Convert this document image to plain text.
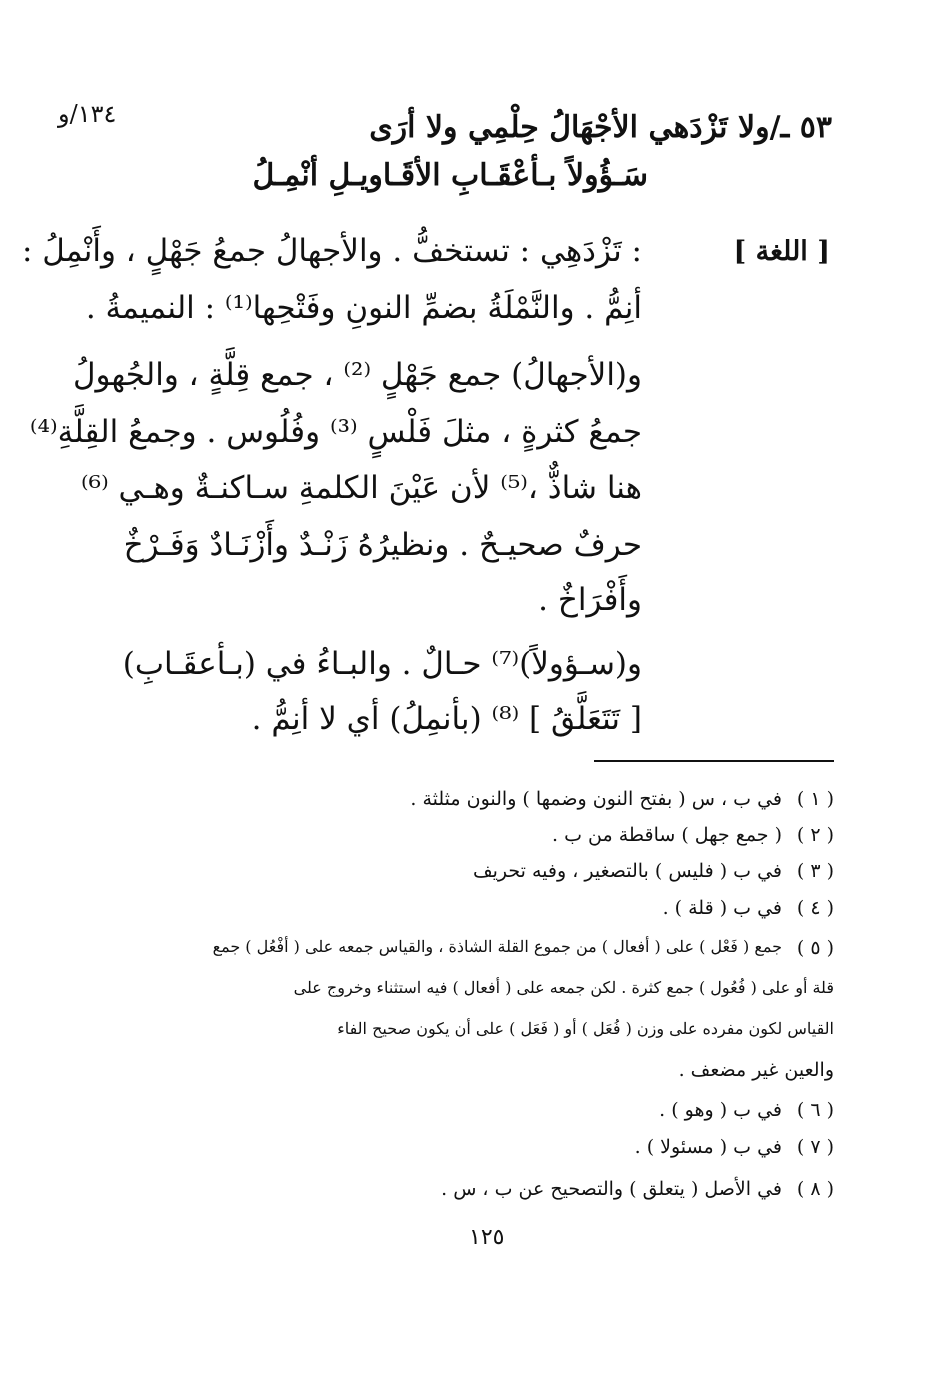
١٣٤/و	٥٣ ـ/ولا تَزْدَهي الأجْهَالُ حِلْمِي ولا أرَى
سَـؤُولاً بـأعْقَـابِ الأقَـاويـلِ أنْمِـلُ
[ اللغة ]
: تَزْدَهِي : تستخفُّ . والأجهالُ جمعُ جَهْلٍ ، وأَنْمِلُ :
أنِمُّ . والنَّمْلَةُ بضمِّ النونِ وفَتْحِها⁽¹⁾ : النميمةُ .
و(الأجهالُ) جمع جَهْلٍ ⁽²⁾ ، جمع قِلَّةٍ ، والجُهولُ
جمعُ كثرةٍ ، مثلَ فَلْسٍ ⁽³⁾ وفُلُوس . وجمعُ القِلَّةِ⁽⁴⁾
هنا شاذٌّ ،⁽⁵⁾ لأن عَيْنَ الكلمةِ سـاكنـةٌ وهـي ⁽⁶⁾
حرفٌ صحيـحٌ . ونظيرُهُ زَنْـدٌ وأَزْنَـادٌ وَفَـرْخٌ
وأَفْرَاخٌ .
و(سـؤولاً)⁽⁷⁾ حـالٌ . والبـاءُ في (بـأعقَـابِ)
[ تَتَعَلَّقُ ] ⁽⁸⁾ (بأنمِلُ) أي لا أنِمُّ .
( ١ )
في ب ، س ( بفتح النون وضمها ) والنون مثلثة .
( ٢ )
( جمع جهل ) ساقطة من ب .
( ٣ )
في ب ( فليس ) بالتصغير ، وفيه تحريف
( ٤ )
في ب ( قلة ) .
( ٥ )
جمع ( فَعْل ) على ( أفعال ) من جموع القلة الشاذة ، والقياس جمعه على ( أفْعُل ) جمع
قلة أو على ( فُعُول ) جمع كثرة . لكن جمعه على ( أفعال ) فيه استثناء وخروج على
القياس لكون مفرده على وزن ( فُعَل ) أو ( فَعَل ) على أن يكون صحيح الفاء
والعين غير مضعف .
( ٦ )
في ب ( وهو ) .
( ٧ )
في ب ( مسئولا ) .
( ٨ )
في الأصل ( يتعلق ) والتصحيح عن ب ، س .
١٢٥
